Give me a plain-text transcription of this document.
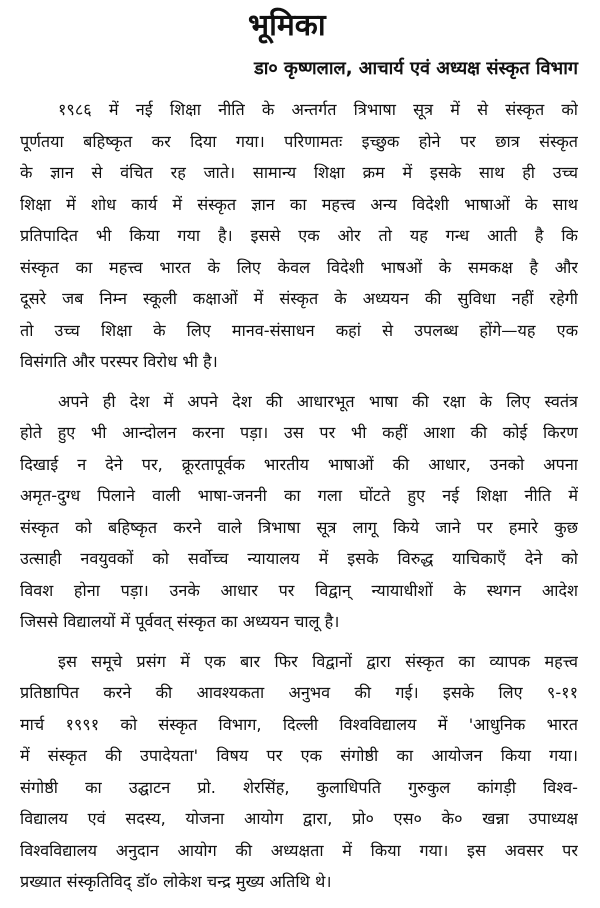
भूमिका
डा० कृष्णलाल, आचार्य एवं अध्यक्ष संस्कृत विभाग
१९८६ में नई शिक्षा नीति के अन्तर्गत त्रिभाषा सूत्र में से संस्कृत को
पूर्णतया बहिष्कृत कर दिया गया। परिणामतः इच्छुक होने पर छात्र संस्कृत
के ज्ञान से वंचित रह जाते। सामान्य शिक्षा क्रम में इसके साथ ही उच्च
शिक्षा में शोध कार्य में संस्कृत ज्ञान का महत्त्व अन्य विदेशी भाषाओं के साथ
प्रतिपादित भी किया गया है। इससे एक ओर तो यह गन्ध आती है कि
संस्कृत का महत्त्व भारत के लिए केवल विदेशी भाषओं के समकक्ष है और
दूसरे जब निम्न स्कूली कक्षाओं में संस्कृत के अध्ययन की सुविधा नहीं रहेगी
तो उच्च शिक्षा के लिए मानव-संसाधन कहां से उपलब्ध होंगे—यह एक
विसंगति और परस्पर विरोध भी है।
अपने ही देश में अपने देश की आधारभूत भाषा की रक्षा के लिए स्वतंत्र
होते हुए भी आन्दोलन करना पड़ा। उस पर भी कहीं आशा की कोई किरण
दिखाई न देने पर, क्रूरतापूर्वक भारतीय भाषाओं की आधार, उनको अपना
अमृत-दुग्ध पिलाने वाली भाषा-जननी का गला घोंटते हुए नई शिक्षा नीति में
संस्कृत को बहिष्कृत करने वाले त्रिभाषा सूत्र लागू किये जाने पर हमारे कुछ
उत्साही नवयुवकों को सर्वोच्च न्यायालय में इसके विरुद्ध याचिकाएँ देने को
विवश होना पड़ा। उनके आधार पर विद्वान् न्यायाधीशों के स्थगन आदेश
जिससे विद्यालयों में पूर्ववत् संस्कृत का अध्ययन चालू है।
इस समूचे प्रसंग में एक बार फिर विद्वानों द्वारा संस्कृत का व्यापक महत्त्व
प्रतिष्ठापित करने की आवश्यकता अनुभव की गई। इसके लिए ९-११
मार्च १९९१ को संस्कृत विभाग, दिल्ली विश्वविद्यालय में 'आधुनिक भारत
में संस्कृत की उपादेयता' विषय पर एक संगोष्ठी का आयोजन किया गया।
संगोष्ठी का उद्घाटन प्रो. शेरसिंह, कुलाधिपति गुरुकुल कांगड़ी विश्व-
विद्यालय एवं सदस्य, योजना आयोग द्वारा, प्रो० एस० के० खन्ना उपाध्यक्ष
विश्वविद्यालय अनुदान आयोग की अध्यक्षता में किया गया। इस अवसर पर
प्रख्यात संस्कृतिविद् डॉ० लोकेश चन्द्र मुख्य अतिथि थे।
